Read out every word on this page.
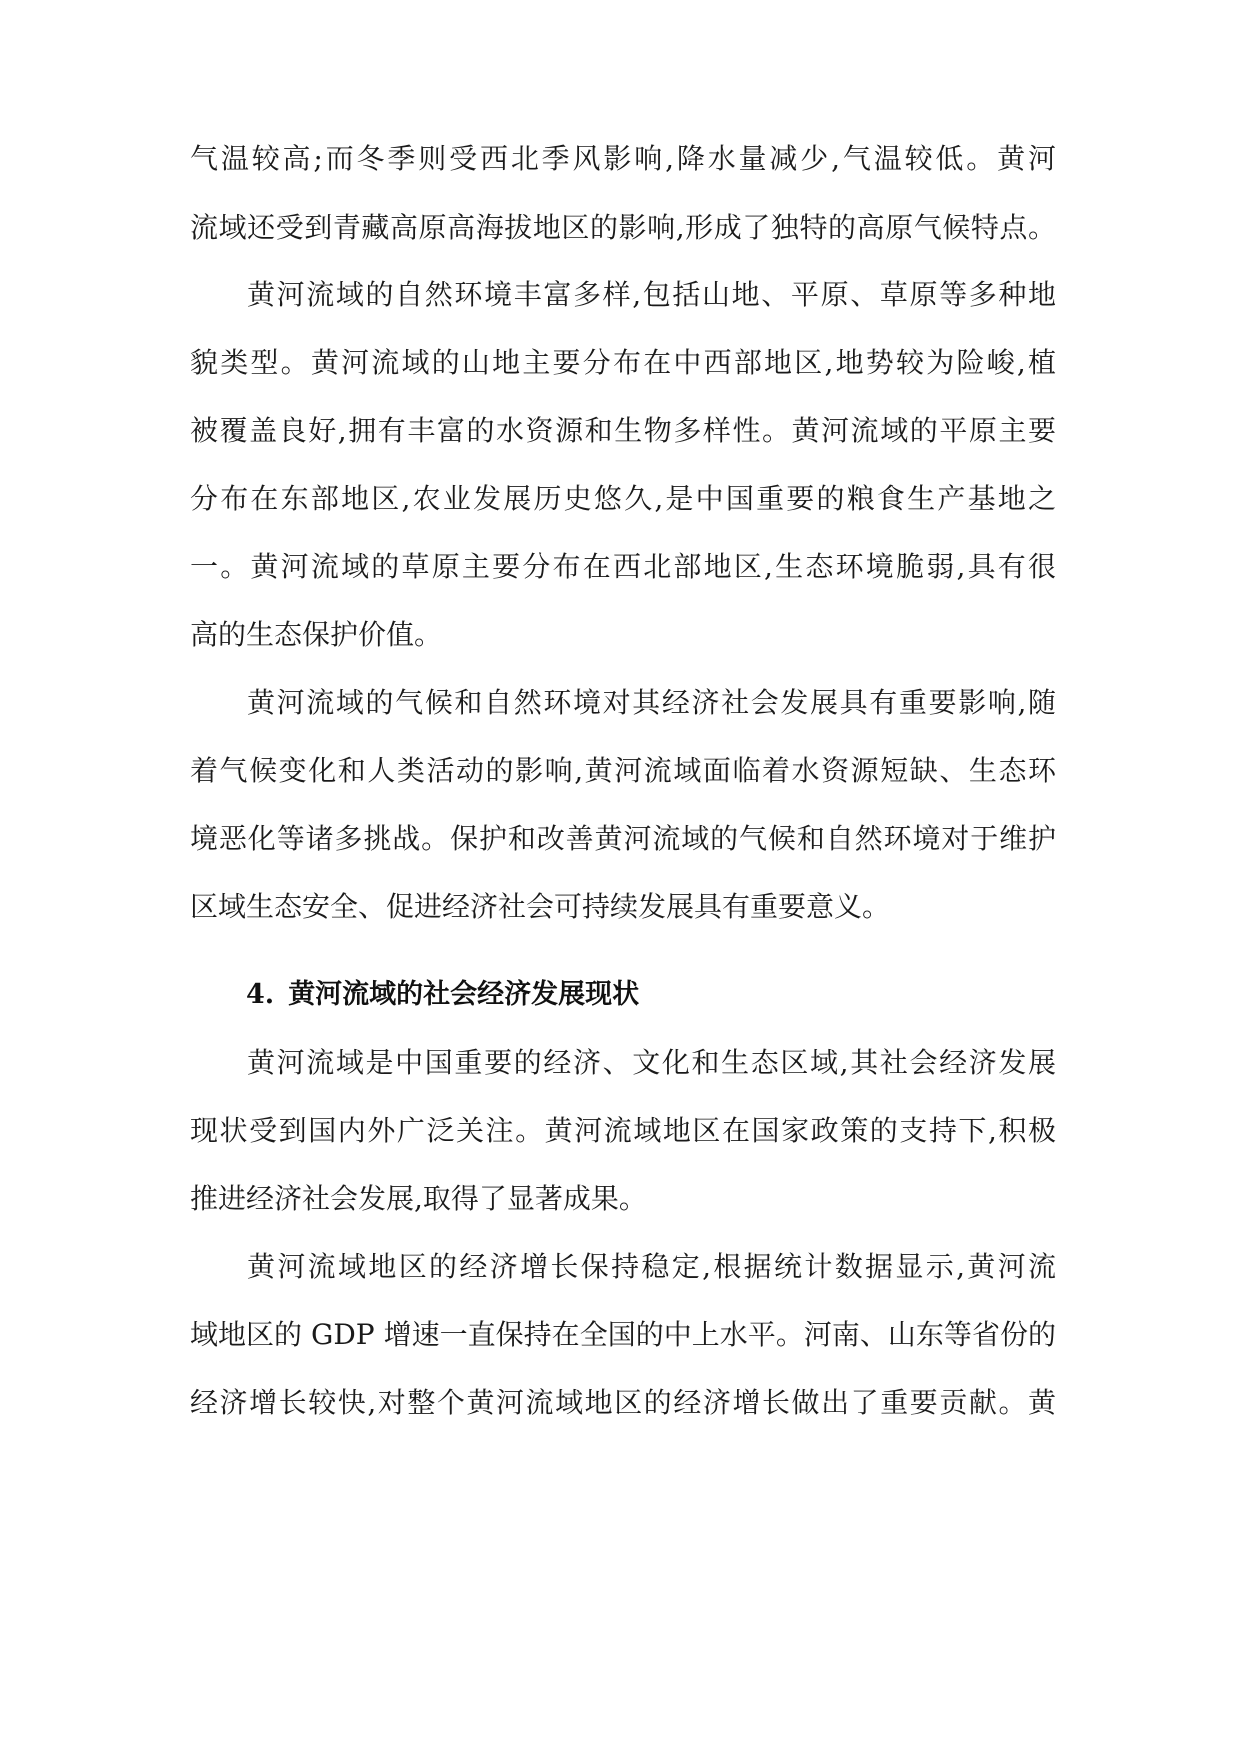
气温较高;而冬季则受西北季风影响,降水量减少,气温较低。黄河
流域还受到青藏高原高海拔地区的影响,形成了独特的高原气候特点。
黄河流域的自然环境丰富多样,包括山地、平原、草原等多种地
貌类型。黄河流域的山地主要分布在中西部地区,地势较为险峻,植
被覆盖良好,拥有丰富的水资源和生物多样性。黄河流域的平原主要
分布在东部地区,农业发展历史悠久,是中国重要的粮食生产基地之
一。黄河流域的草原主要分布在西北部地区,生态环境脆弱,具有很
高的生态保护价值。
黄河流域的气候和自然环境对其经济社会发展具有重要影响,随
着气候变化和人类活动的影响,黄河流域面临着水资源短缺、生态环
境恶化等诸多挑战。保护和改善黄河流域的气候和自然环境对于维护
区域生态安全、促进经济社会可持续发展具有重要意义。
4. 黄河流域的社会经济发展现状
黄河流域是中国重要的经济、文化和生态区域,其社会经济发展
现状受到国内外广泛关注。黄河流域地区在国家政策的支持下,积极
推进经济社会发展,取得了显著成果。
黄河流域地区的经济增长保持稳定,根据统计数据显示,黄河流
域地区的 GDP 增速一直保持在全国的中上水平。河南、山东等省份的
经济增长较快,对整个黄河流域地区的经济增长做出了重要贡献。黄
